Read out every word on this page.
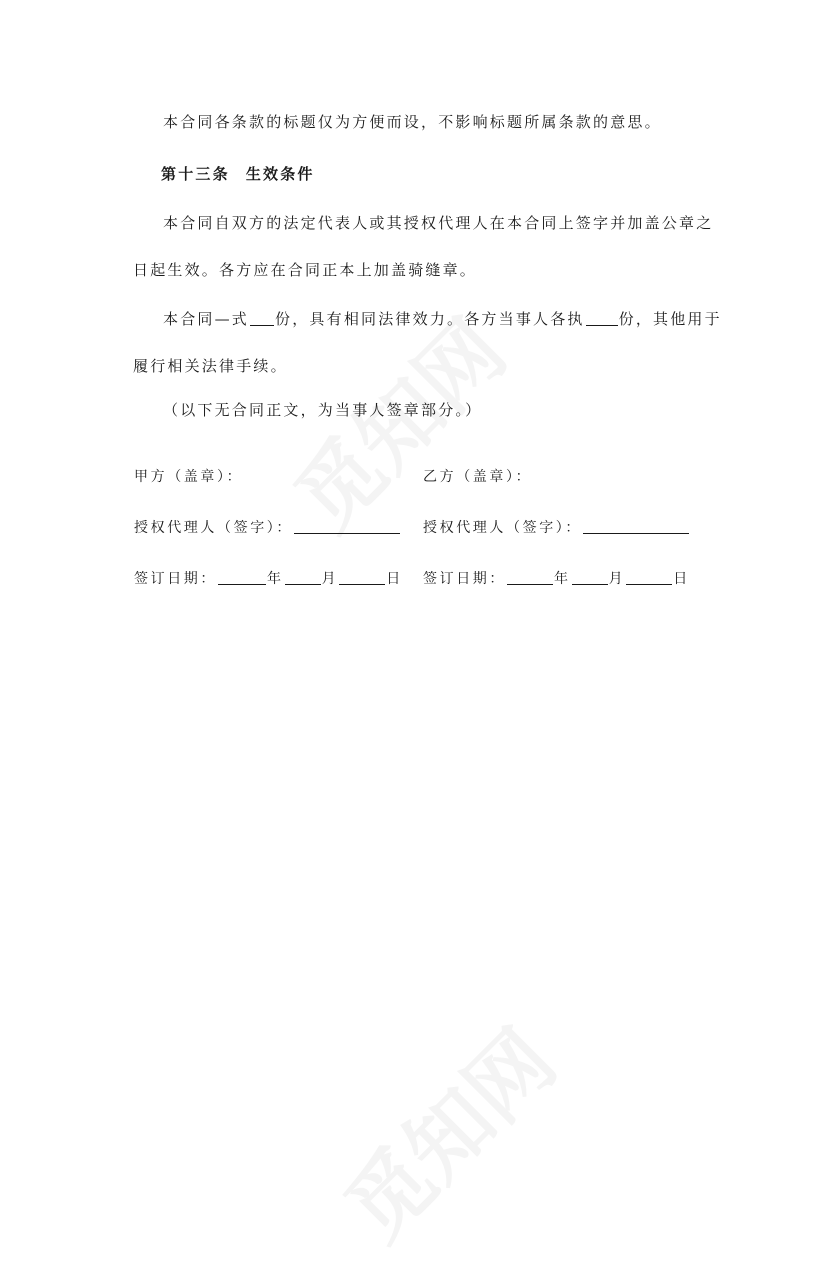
本合同各条款的标题仅为方便而设，不影响标题所属条款的意思。
第十三条 生效条件
本合同自双方的法定代表人或其授权代理人在本合同上签字并加盖公章之
日起生效。各方应在合同正本上加盖骑缝章。
本合同—式 份，具有相同法律效力。各方当事人各执 份，其他用于
履行相关法律手续。
（以下无合同正文，为当事人签章部分。）
甲方（盖章）：
授权代理人（签字）：
签订日期：	年	月	日
乙方（盖章）：
授权代理人（签字）：
签订日期：	年	月	日
